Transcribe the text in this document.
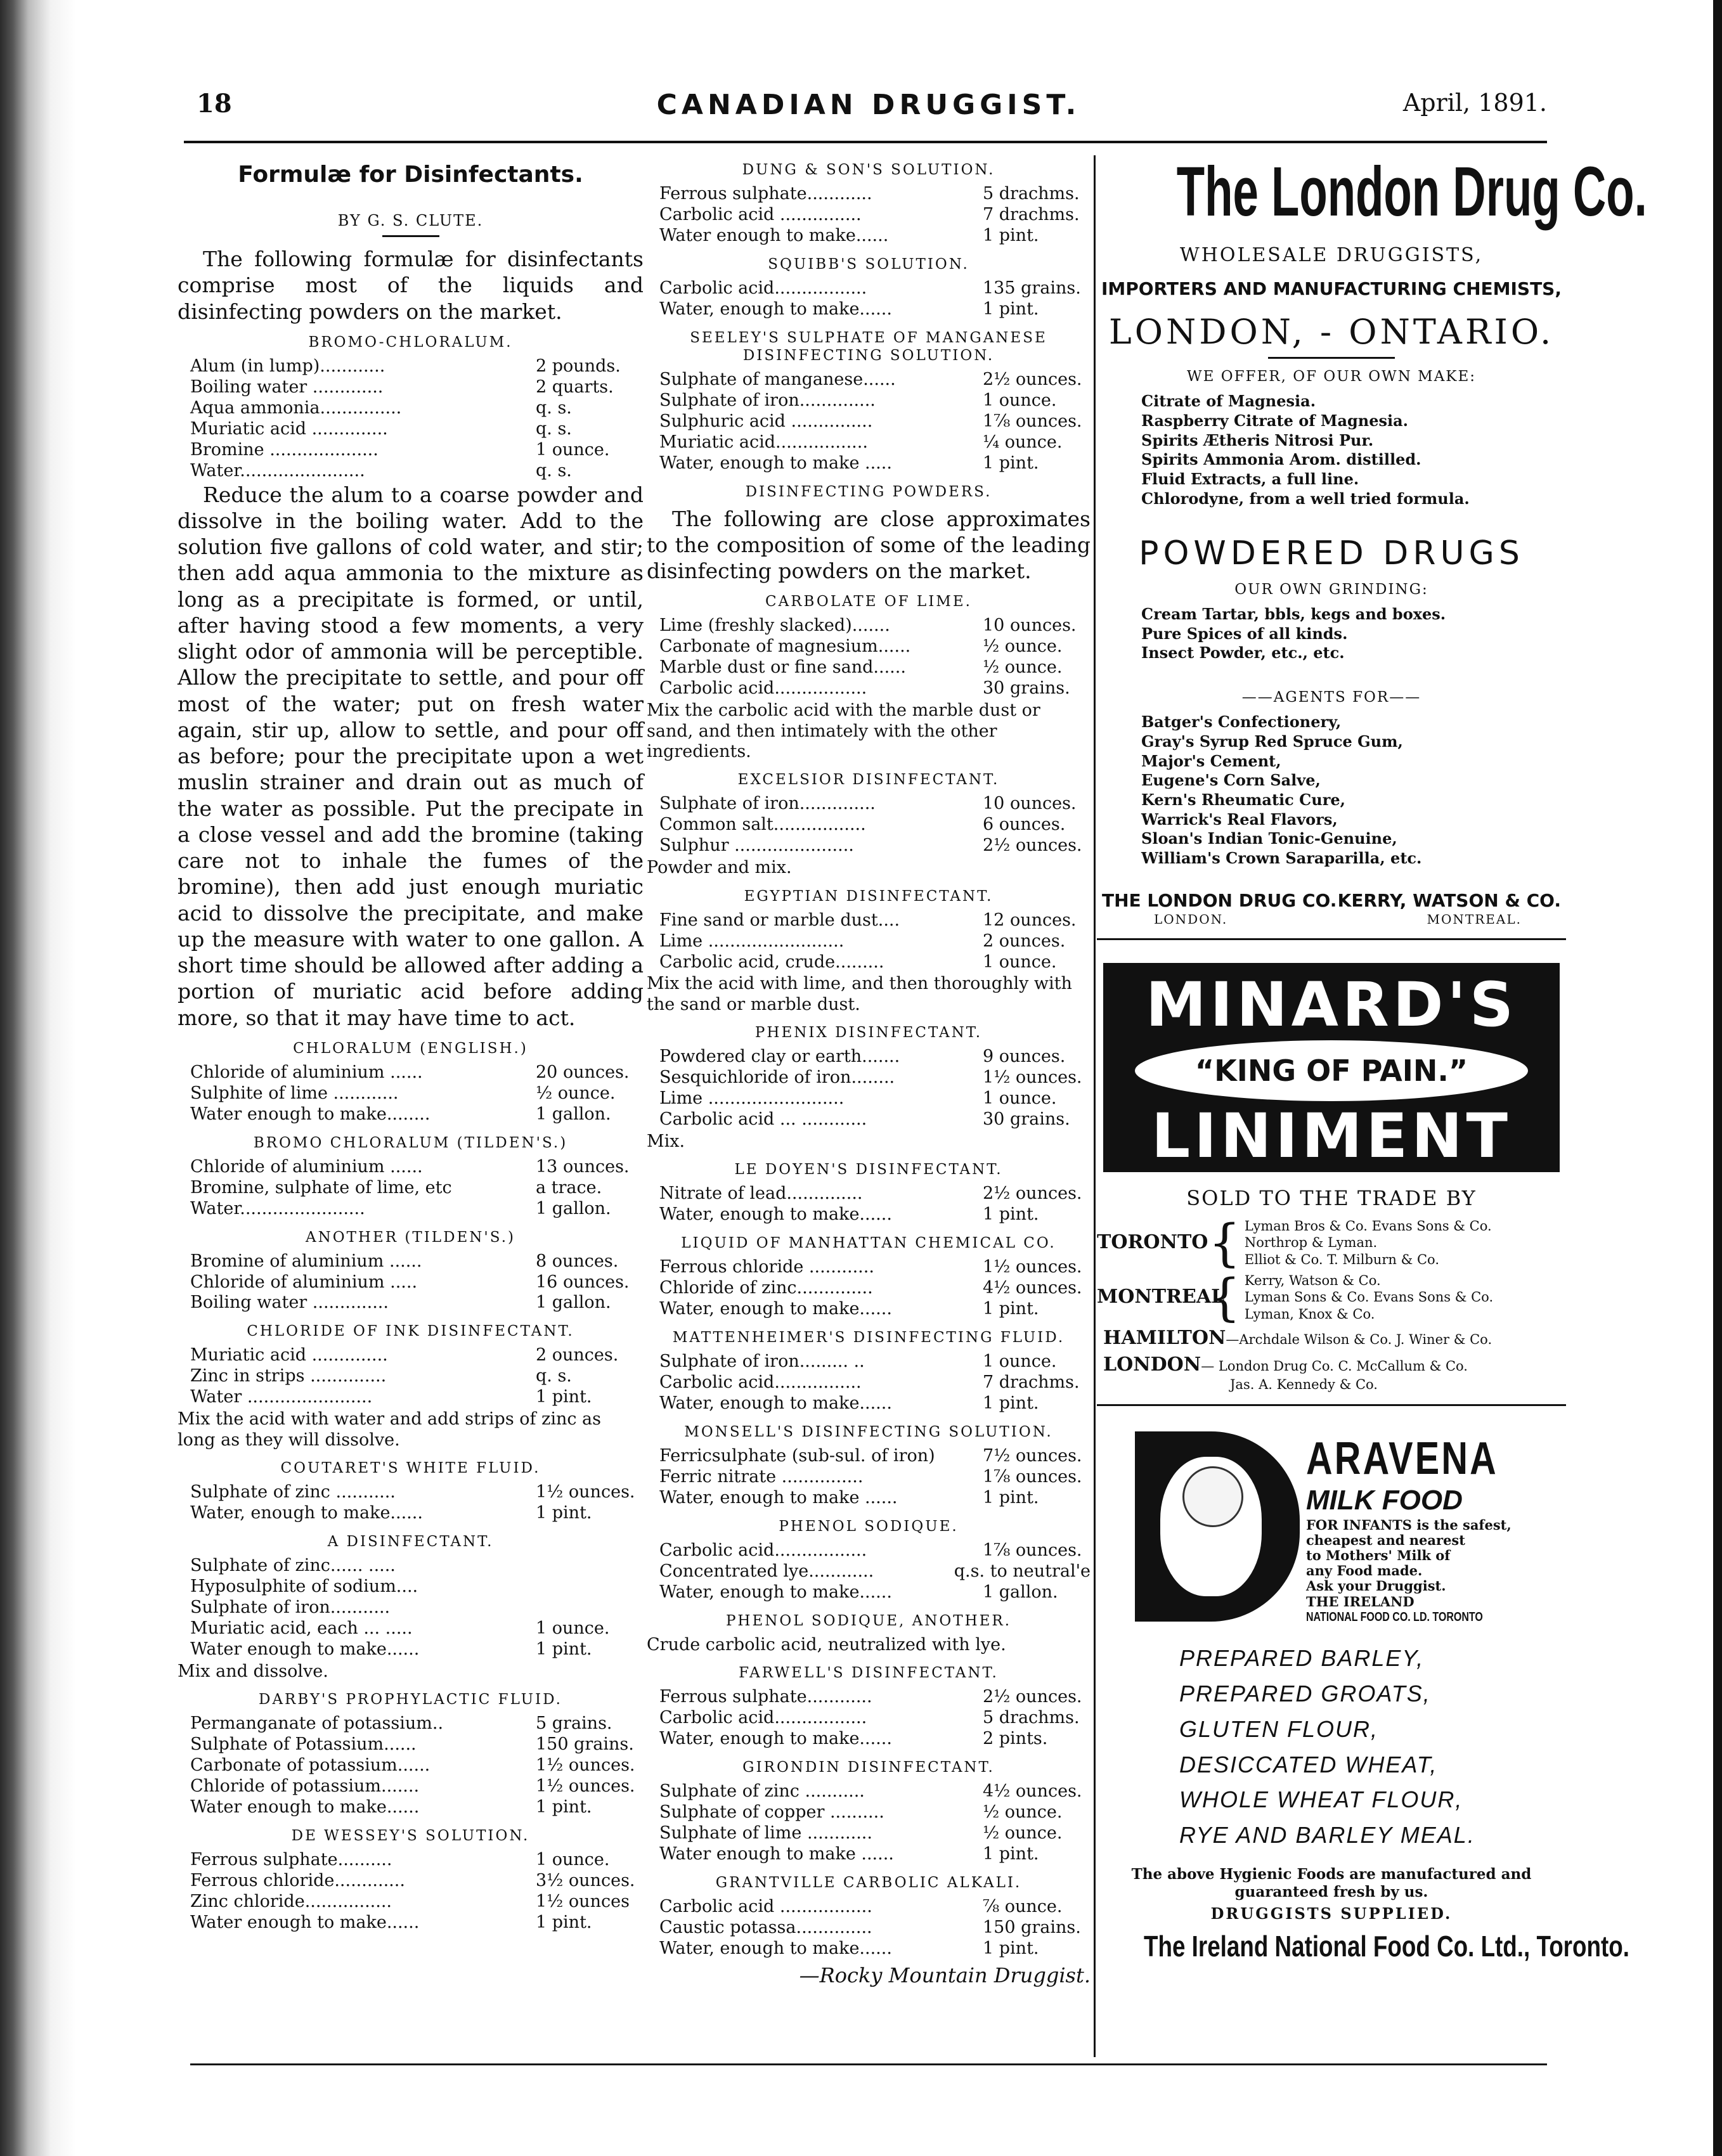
18	CANADIAN DRUGGIST.	April, 1891.
Formulæ for Disinfectants.
BY G. S. CLUTE.
The following formulæ for disinfectants comprise most of the liquids and disinfecting powders on the market.
BROMO-CHLORALUM.
Alum (in lump)............	2 pounds.
Boiling water .............	2 quarts.
Aqua ammonia...............	q. s.
Muriatic acid ..............	q. s.
Bromine ....................	1 ounce.
Water.......................	q. s.
Reduce the alum to a coarse powder and dissolve in the boiling water. Add to the solution five gallons of cold water, and stir; then add aqua ammonia to the mixture as long as a precipitate is formed, or until, after having stood a few moments, a very slight odor of ammonia will be perceptible. Allow the precipitate to settle, and pour off most of the water; put on fresh water again, stir up, allow to settle, and pour off as before; pour the precipitate upon a wet muslin strainer and drain out as much of the water as possible. Put the precipate in a close vessel and add the bromine (taking care not to inhale the fumes of the bromine), then add just enough muriatic acid to dissolve the precipitate, and make up the measure with water to one gallon. A short time should be allowed after adding a portion of muriatic acid before adding more, so that it may have time to act.
CHLORALUM (ENGLISH.)
Chloride of aluminium ......	20 ounces.
Sulphite of lime ............	½ ounce.
Water enough to make........	1 gallon.
BROMO CHLORALUM (TILDEN'S.)
Chloride of aluminium ......	13 ounces.
Bromine, sulphate of lime, etc	a trace.
Water.......................	1 gallon.
ANOTHER (TILDEN'S.)
Bromine of aluminium ......	8 ounces.
Chloride of aluminium .....	16 ounces.
Boiling water ..............	1 gallon.
CHLORIDE OF INK DISINFECTANT.
Muriatic acid ..............	2 ounces.
Zinc in strips ..............	q. s.
Water .......................	1 pint.
Mix the acid with water and add strips of zinc as long as they will dissolve.
COUTARET'S WHITE FLUID.
Sulphate of zinc ...........	1½ ounces.
Water, enough to make......	1 pint.
A DISINFECTANT.
Sulphate of zinc...... .....
Hyposulphite of sodium....
Sulphate of iron...........
Muriatic acid, each ... .....	1 ounce.
Water enough to make......	1 pint.
Mix and dissolve.
DARBY'S PROPHYLACTIC FLUID.
Permanganate of potassium..	5 grains.
Sulphate of Potassium......	150 grains.
Carbonate of potassium......	1½ ounces.
Chloride of potassium.......	1½ ounces.
Water enough to make......	1 pint.
DE WESSEY'S SOLUTION.
Ferrous sulphate..........	1 ounce.
Ferrous chloride.............	3½ ounces.
Zinc chloride................	1½ ounces
Water enough to make......	1 pint.
DUNG & SON'S SOLUTION.
Ferrous sulphate............	5 drachms.
Carbolic acid ...............	7 drachms.
Water enough to make......	1 pint.
SQUIBB'S SOLUTION.
Carbolic acid.................	135 grains.
Water, enough to make......	1 pint.
SEELEY'S SULPHATE OF MANGANESE DISINFECTING SOLUTION.
Sulphate of manganese......	2½ ounces.
Sulphate of iron..............	1 ounce.
Sulphuric acid ...............	1⅞ ounces.
Muriatic acid.................	¼ ounce.
Water, enough to make .....	1 pint.
DISINFECTING POWDERS.
The following are close approximates to the composition of some of the leading disinfecting powders on the market.
CARBOLATE OF LIME.
Lime (freshly slacked).......	10 ounces.
Carbonate of magnesium......	½ ounce.
Marble dust or fine sand......	½ ounce.
Carbolic acid.................	30 grains.
Mix the carbolic acid with the marble dust or sand, and then intimately with the other ingredients.
EXCELSIOR DISINFECTANT.
Sulphate of iron..............	10 ounces.
Common salt.................	6 ounces.
Sulphur ......................	2½ ounces.
Powder and mix.
EGYPTIAN DISINFECTANT.
Fine sand or marble dust....	12 ounces.
Lime .........................	2 ounces.
Carbolic acid, crude.........	1 ounce.
Mix the acid with lime, and then thoroughly with the sand or marble dust.
PHENIX DISINFECTANT.
Powdered clay or earth.......	9 ounces.
Sesquichloride of iron........	1½ ounces.
Lime .........................	1 ounce.
Carbolic acid ... ............	30 grains.
Mix.
LE DOYEN'S DISINFECTANT.
Nitrate of lead..............	2½ ounces.
Water, enough to make......	1 pint.
LIQUID OF MANHATTAN CHEMICAL CO.
Ferrous chloride ............	1½ ounces.
Chloride of zinc..............	4½ ounces.
Water, enough to make......	1 pint.
MATTENHEIMER'S DISINFECTING FLUID.
Sulphate of iron......... ..	1 ounce.
Carbolic acid................	7 drachms.
Water, enough to make......	1 pint.
MONSELL'S DISINFECTING SOLUTION.
Ferricsulphate (sub-sul. of iron)	7½ ounces.
Ferric nitrate ...............	1⅞ ounces.
Water, enough to make ......	1 pint.
PHENOL SODIQUE.
Carbolic acid.................	1⅞ ounces.
Concentrated lye............	q.s. to neutral'e
Water, enough to make......	1 gallon.
PHENOL SODIQUE, ANOTHER.
Crude carbolic acid, neutralized with lye.
FARWELL'S DISINFECTANT.
Ferrous sulphate............	2½ ounces.
Carbolic acid.................	5 drachms.
Water, enough to make......	2 pints.
GIRONDIN DISINFECTANT.
Sulphate of zinc ...........	4½ ounces.
Sulphate of copper ..........	½ ounce.
Sulphate of lime ............	½ ounce.
Water enough to make ......	1 pint.
GRANTVILLE CARBOLIC ALKALI.
Carbolic acid .................	⅞ ounce.
Caustic potassa..............	150 grains.
Water, enough to make......	1 pint.
—Rocky Mountain Druggist.
The London Drug Co.
WHOLESALE DRUGGISTS,
IMPORTERS AND MANUFACTURING CHEMISTS,
LONDON, - ONTARIO.
WE OFFER, OF OUR OWN MAKE:
Citrate of Magnesia.
Raspberry Citrate of Magnesia.
Spirits Ætheris Nitrosi Pur.
Spirits Ammonia Arom. distilled.
Fluid Extracts, a full line.
Chlorodyne, from a well tried formula.
POWDERED DRUGS
OUR OWN GRINDING:
Cream Tartar, bbls, kegs and boxes.
Pure Spices of all kinds.
Insect Powder, etc., etc.
——AGENTS FOR——
Batger's Confectionery,
Gray's Syrup Red Spruce Gum,
Major's Cement,
Eugene's Corn Salve,
Kern's Rheumatic Cure,
Warrick's Real Flavors,
Sloan's Indian Tonic-Genuine,
William's Crown Saraparilla, etc.
THE LONDON DRUG CO. KERRY, WATSON & CO.
LONDON.	MONTREAL.
MINARD'S
“KING OF PAIN.”
LINIMENT
SOLD TO THE TRADE BY
TORONTO { Lyman Bros & Co. Evans Sons & Co.
Northrop & Lyman.
Elliot & Co. T. Milburn & Co.
MONTREAL
{ Kerry, Watson & Co.
Lyman Sons & Co. Evans Sons & Co.
Lyman, Knox & Co.
HAMILTON—Archdale Wilson & Co. J. Winer & Co.
LONDON— London Drug Co. C. McCallum & Co.
Jas. A. Kennedy & Co.
ARAVENA
MILK FOOD
FOR INFANTS is the safest,
cheapest and nearest
to Mothers' Milk of
any Food made.
Ask your Druggist.
THE IRELAND
NATIONAL FOOD CO. LD. TORONTO
PREPARED BARLEY,
PREPARED GROATS,
GLUTEN FLOUR,
DESICCATED WHEAT,
WHOLE WHEAT FLOUR,
RYE AND BARLEY MEAL.
The above Hygienic Foods are manufactured and guaranteed fresh by us.
DRUGGISTS SUPPLIED.
The Ireland National Food Co. Ltd., Toronto.
